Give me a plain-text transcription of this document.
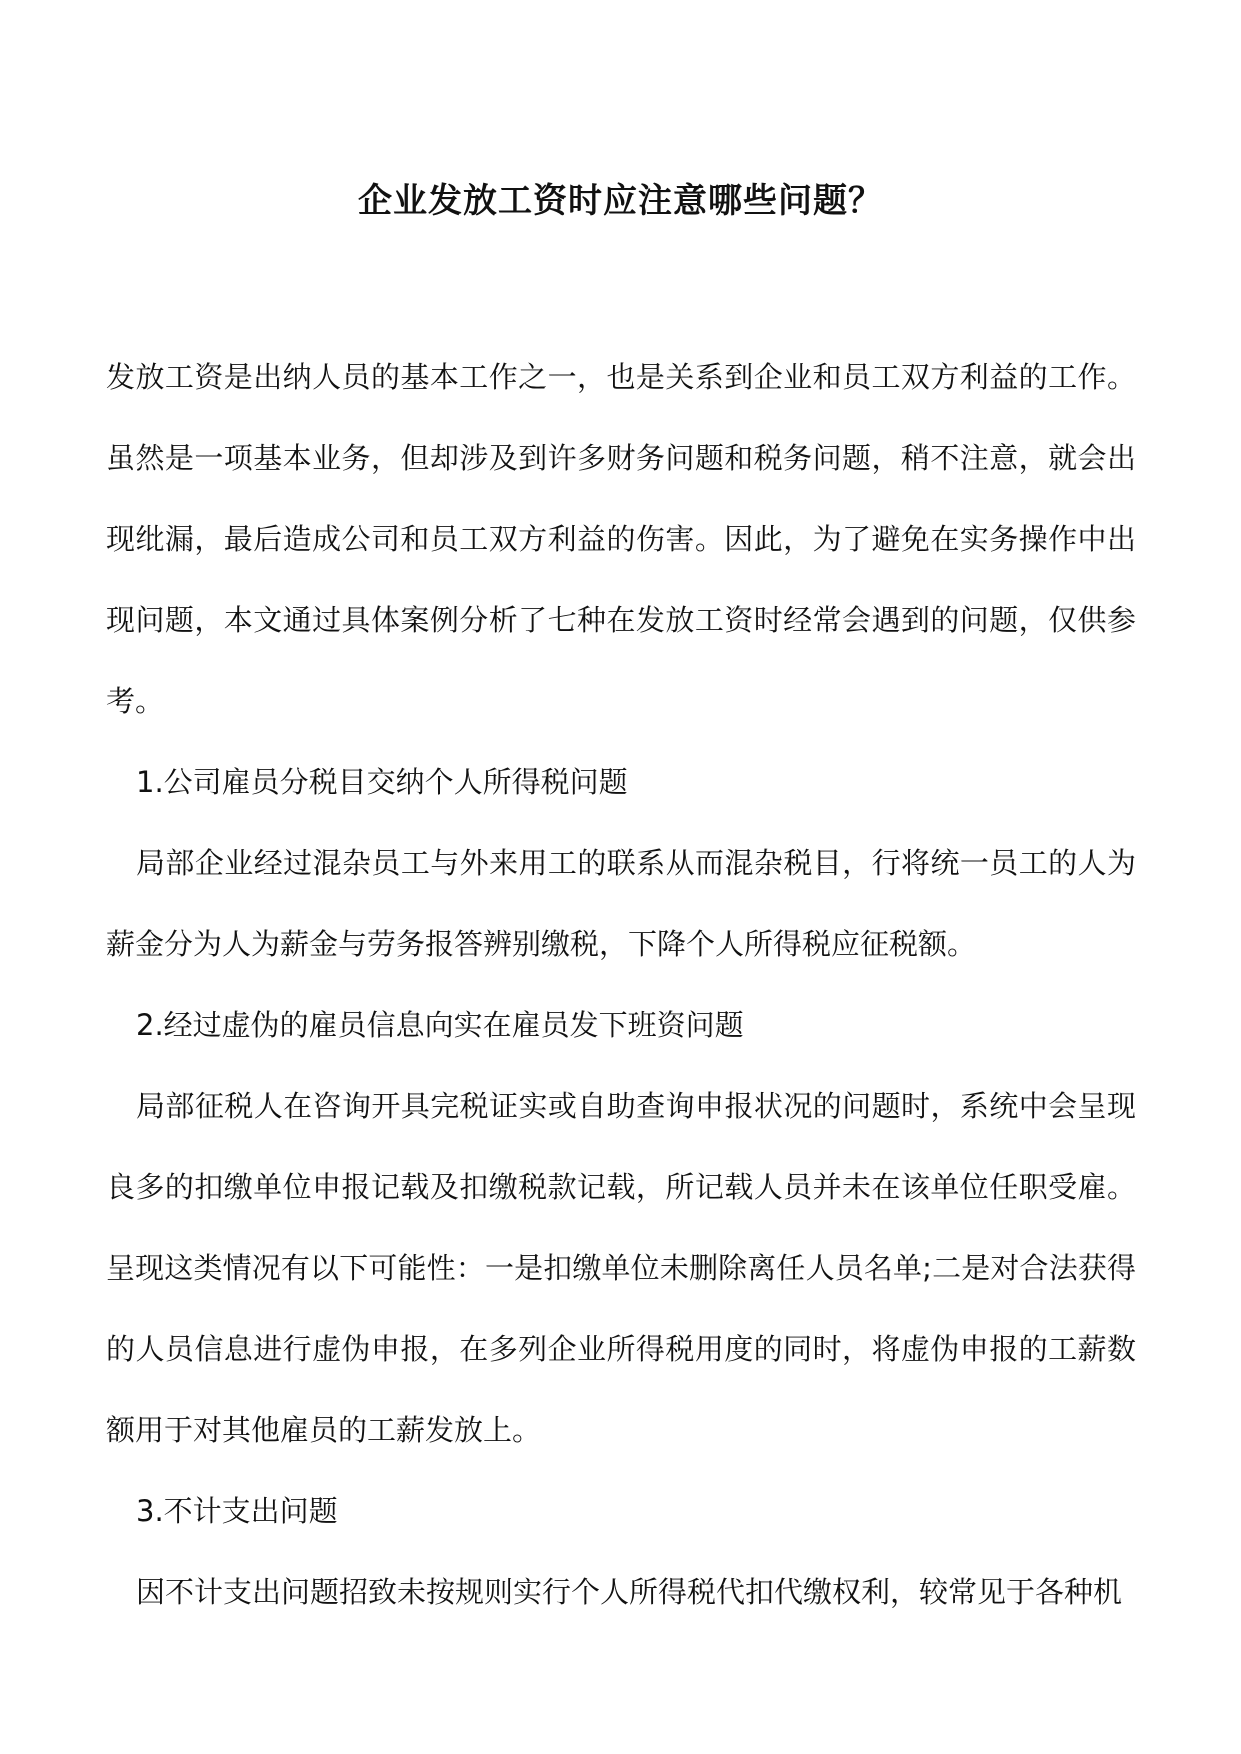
企业发放工资时应注意哪些问题？

发放工资是出纳人员的基本工作之一，也是关系到企业和员工双方利益的工作。虽然是一项基本业务，但却涉及到许多财务问题和税务问题，稍不注意，就会出现纰漏，最后造成公司和员工双方利益的伤害。因此，为了避免在实务操作中出现问题，本文通过具体案例分析了七种在发放工资时经常会遇到的问题，仅供参考。

1.公司雇员分税目交纳个人所得税问题

局部企业经过混杂员工与外来用工的联系从而混杂税目，行将统一员工的人为薪金分为人为薪金与劳务报答辨别缴税，下降个人所得税应征税额。

2.经过虚伪的雇员信息向实在雇员发下班资问题

局部征税人在咨询开具完税证实或自助查询申报状况的问题时，系统中会呈现良多的扣缴单位申报记载及扣缴税款记载，所记载人员并未在该单位任职受雇。呈现这类情况有以下可能性：一是扣缴单位未删除离任人员名单;二是对合法获得的人员信息进行虚伪申报，在多列企业所得税用度的同时，将虚伪申报的工薪数额用于对其他雇员的工薪发放上。

3.不计支出问题

因不计支出问题招致未按规则实行个人所得税代扣代缴权利，较常见于各种机
